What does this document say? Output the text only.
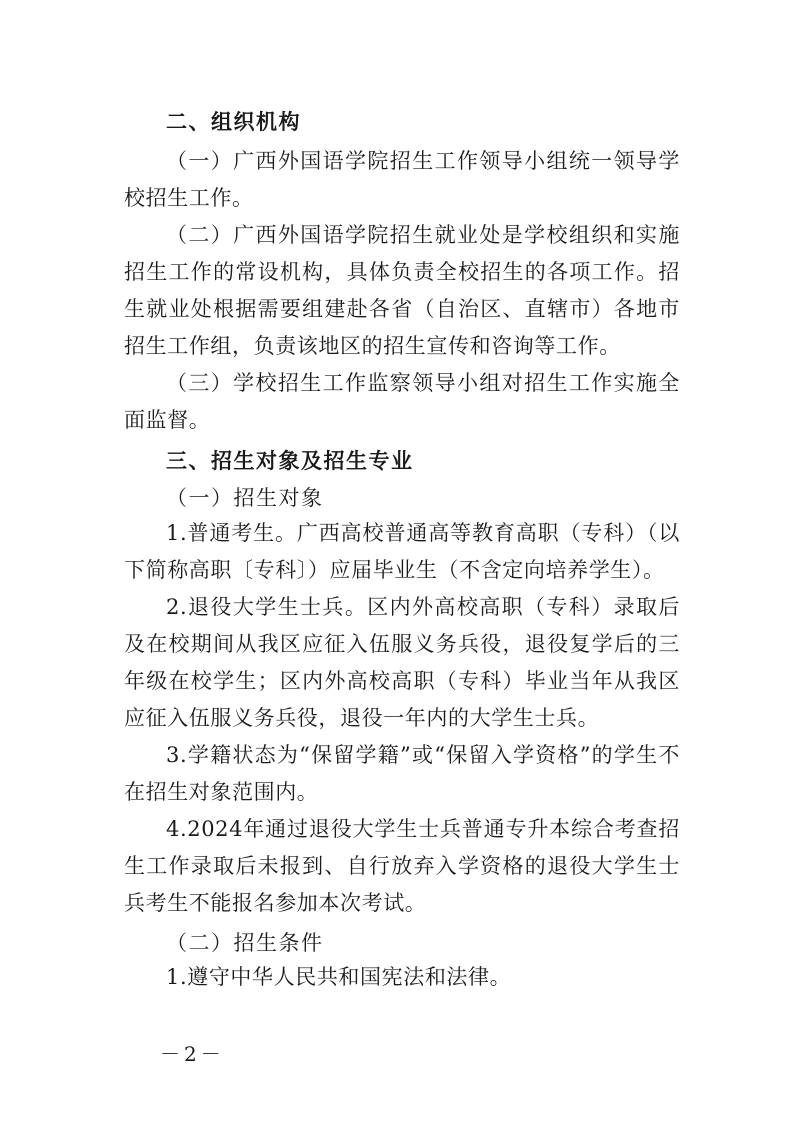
二、组织机构
（一）广西外国语学院招生工作领导小组统一领导学校招生工作。
（二）广西外国语学院招生就业处是学校组织和实施招生工作的常设机构，具体负责全校招生的各项工作。招生就业处根据需要组建赴各省（自治区、直辖市）各地市招生工作组，负责该地区的招生宣传和咨询等工作。
（三）学校招生工作监察领导小组对招生工作实施全面监督。
三、招生对象及招生专业
（一）招生对象
1.普通考生。广西高校普通高等教育高职（专科）（以下简称高职〔专科〕）应届毕业生（不含定向培养学生）。
2.退役大学生士兵。区内外高校高职（专科）录取后及在校期间从我区应征入伍服义务兵役，退役复学后的三年级在校学生；区内外高校高职（专科）毕业当年从我区应征入伍服义务兵役，退役一年内的大学生士兵。
3.学籍状态为“保留学籍”或“保留入学资格”的学生不在招生对象范围内。
4.2024年通过退役大学生士兵普通专升本综合考查招生工作录取后未报到、自行放弃入学资格的退役大学生士兵考生不能报名参加本次考试。
（二）招生条件
1.遵守中华人民共和国宪法和法律。
－2－
